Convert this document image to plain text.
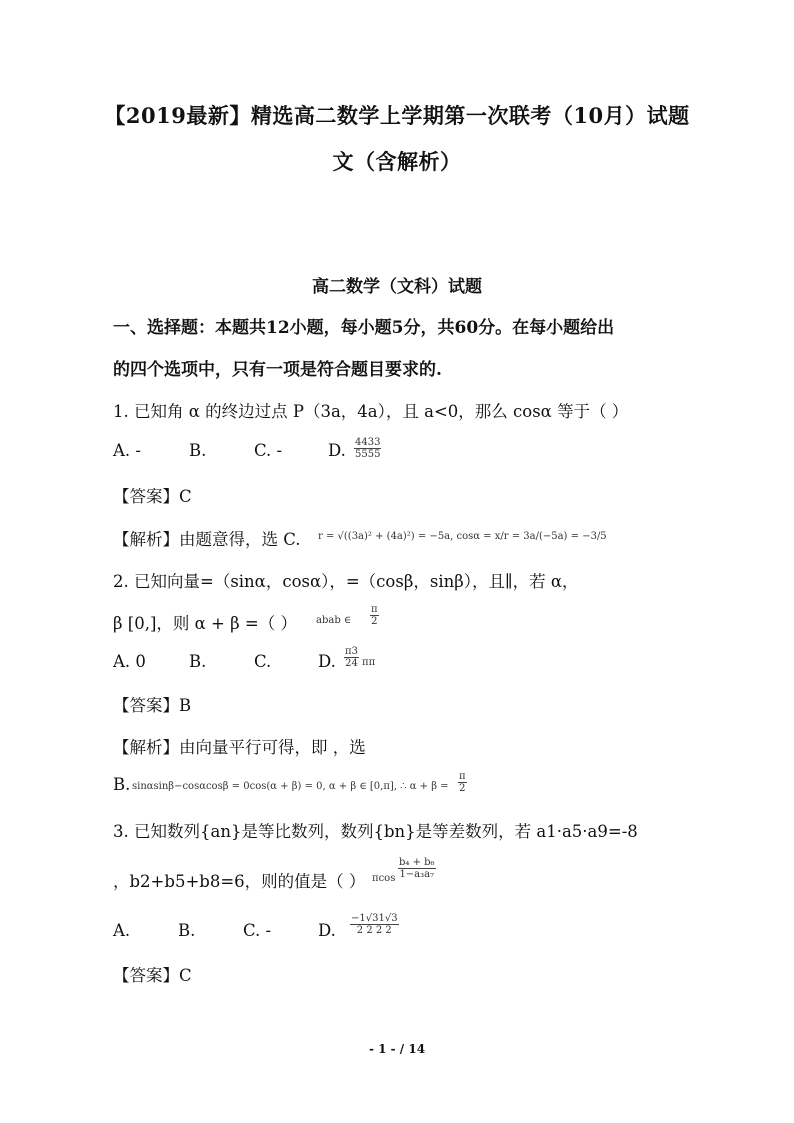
【2019最新】精选高二数学上学期第一次联考（10月）试题
文（含解析）
高二数学（文科）试题
一、选择题：本题共12小题，每小题5分，共60分。在每小题给出
的四个选项中，只有一项是符合题目要求的.
1. 已知角 α 的终边过点 P（3a，4a），且 a<0，那么 cosα 等于（ ）
A. -	B.	C. -	D. $\frac{4433}{5555}$
【答案】C
【解析】由题意得，选 C. r = √((3a)² + (4a)²) = −5a, cosα = x/r = 3a/(−5a) = −3/5
2. 已知向量=（sinα，cosα），=（cosβ，sinβ），且∥，若 α，
β [0,]，则 α + β =（ ） abab ∈ $\frac{\pi}{2}$
A. 0	B.	C.	D. $\frac{\pi 3}{24}$ ππ
【答案】B
【解析】由向量平行可得，即 ，选
B. sinαsinβ−cosαcosβ = 0cos(α + β) = 0, α + β ∈ [0,π], ∴ $\alpha + \beta = \frac{\pi}{2}$
3. 已知数列{an}是等比数列，数列{bn}是等差数列，若 a1·a5·a9=-8
，b2+b5+b8=6，则的值是（ ） πcos $\frac{\text{b₄ + b₆}}{\text{1−a₃a₇}}$
A.	B.	C. -	D. $\frac{-1√31√3}{2 2 2 2}$
【答案】C
- 1 - / 14
